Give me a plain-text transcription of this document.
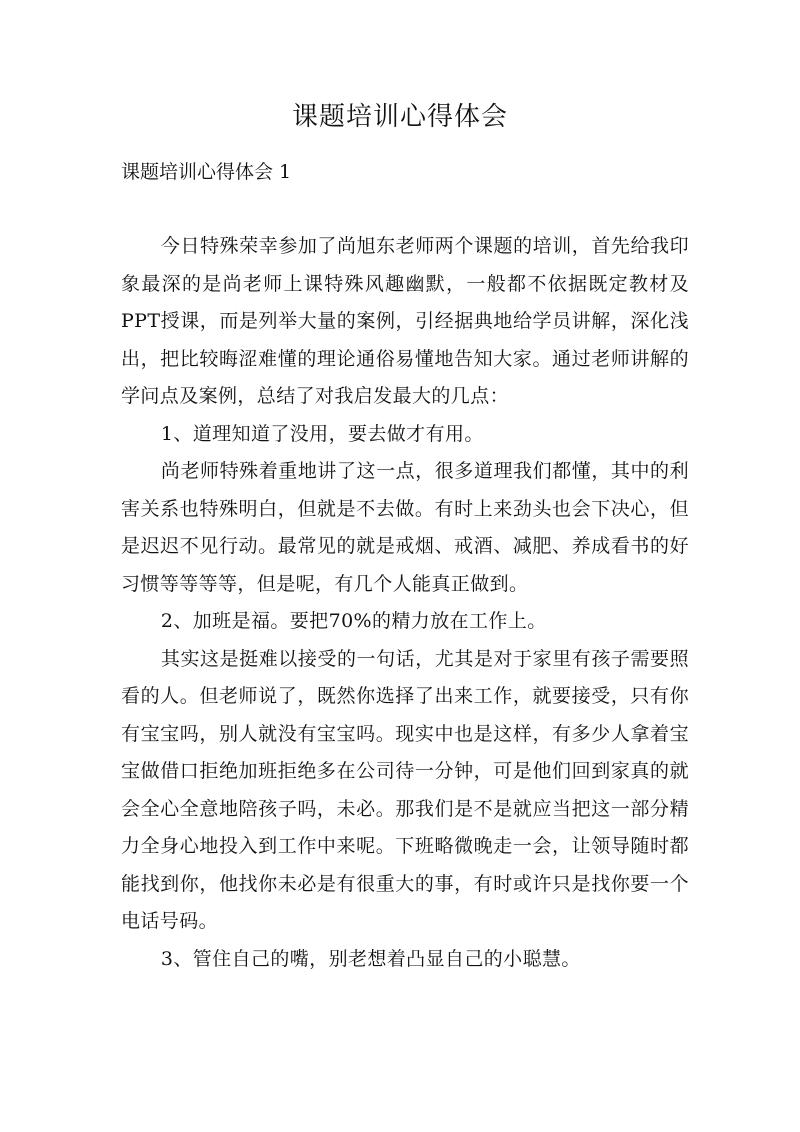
课题培训心得体会
课题培训心得体会 1

今日特殊荣幸参加了尚旭东老师两个课题的培训，首先给我印象最深的是尚老师上课特殊风趣幽默，一般都不依据既定教材及PPT授课，而是列举大量的案例，引经据典地给学员讲解，深化浅出，把比较晦涩难懂的理论通俗易懂地告知大家。通过老师讲解的学问点及案例，总结了对我启发最大的几点：

1、道理知道了没用，要去做才有用。

尚老师特殊着重地讲了这一点，很多道理我们都懂，其中的利害关系也特殊明白，但就是不去做。有时上来劲头也会下决心，但是迟迟不见行动。最常见的就是戒烟、戒酒、减肥、养成看书的好习惯等等等等，但是呢，有几个人能真正做到。

2、加班是福。要把70%的精力放在工作上。

其实这是挺难以接受的一句话，尤其是对于家里有孩子需要照看的人。但老师说了，既然你选择了出来工作，就要接受，只有你有宝宝吗，别人就没有宝宝吗。现实中也是这样，有多少人拿着宝宝做借口拒绝加班拒绝多在公司待一分钟，可是他们回到家真的就会全心全意地陪孩子吗，未必。那我们是不是就应当把这一部分精力全身心地投入到工作中来呢。下班略微晚走一会，让领导随时都能找到你，他找你未必是有很重大的事，有时或许只是找你要一个电话号码。

3、管住自己的嘴，别老想着凸显自己的小聪慧。
